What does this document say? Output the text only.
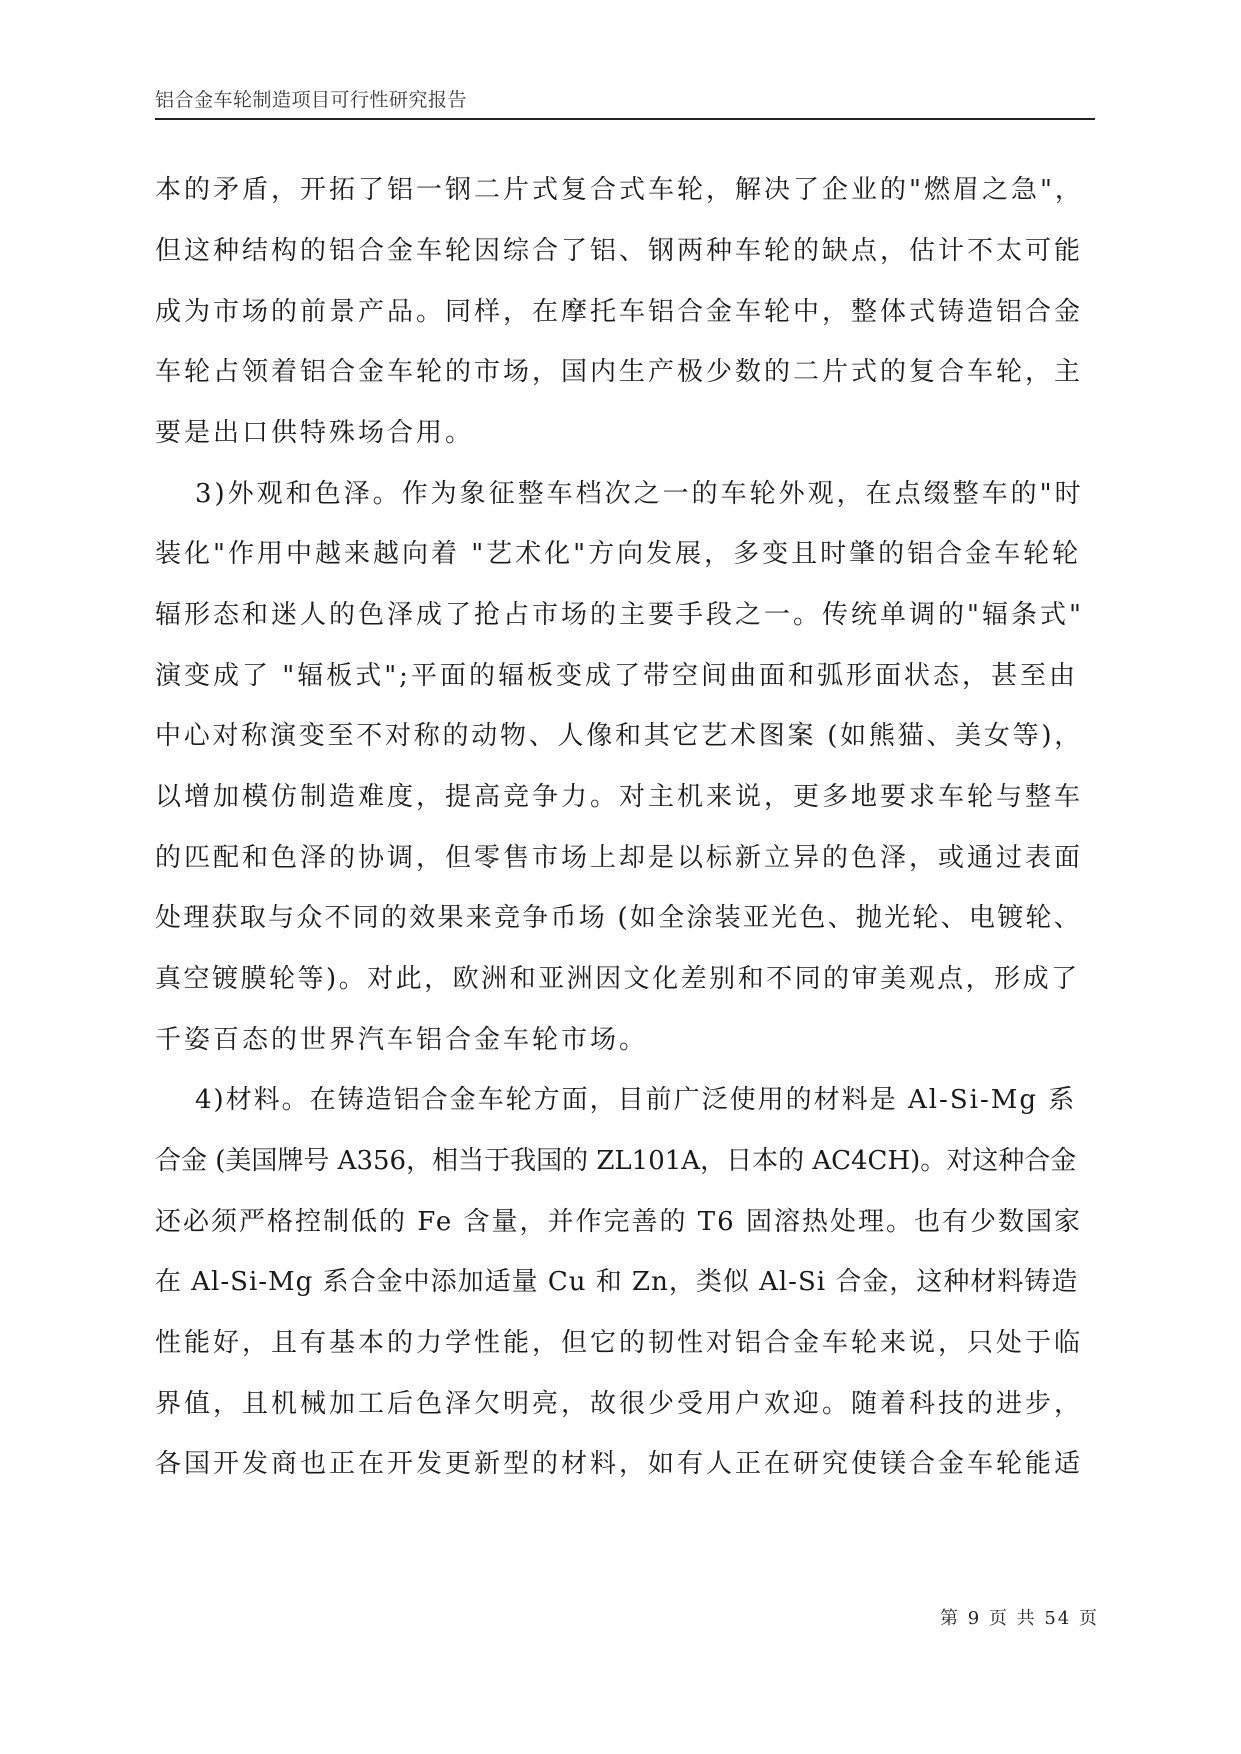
铝合金车轮制造项目可行性研究报告
本的矛盾，开拓了铝一钢二片式复合式车轮，解决了企业的"燃眉之急"，
但这种结构的铝合金车轮因综合了铝、钢两种车轮的缺点，估计不太可能
成为市场的前景产品。同样，在摩托车铝合金车轮中，整体式铸造铝合金
车轮占领着铝合金车轮的市场，国内生产极少数的二片式的复合车轮，主
要是出口供特殊场合用。
3)外观和色泽。作为象征整车档次之一的车轮外观，在点缀整车的"时
装化"作用中越来越向着 "艺术化"方向发展，多变且时肇的铝合金车轮轮
辐形态和迷人的色泽成了抢占市场的主要手段之一。传统单调的"辐条式"
演变成了 "辐板式";平面的辐板变成了带空间曲面和弧形面状态，甚至由
中心对称演变至不对称的动物、人像和其它艺术图案 (如熊猫、美女等)，
以增加模仿制造难度，提高竞争力。对主机来说，更多地要求车轮与整车
的匹配和色泽的协调，但零售市场上却是以标新立异的色泽，或通过表面
处理获取与众不同的效果来竞争币场 (如全涂装亚光色、抛光轮、电镀轮、
真空镀膜轮等)。对此，欧洲和亚洲因文化差别和不同的审美观点，形成了
千姿百态的世界汽车铝合金车轮市场。
4)材料。在铸造铝合金车轮方面，目前广泛使用的材料是 Al-Si-Mg 系
合金 (美国牌号 A356，相当于我国的 ZL101A，日本的 AC4CH)。对这种合金
还必须严格控制低的 Fe 含量，并作完善的 T6 固溶热处理。也有少数国家
在 Al-Si-Mg 系合金中添加适量 Cu 和 Zn，类似 Al-Si 合金，这种材料铸造
性能好，且有基本的力学性能，但它的韧性对铝合金车轮来说，只处于临
界值，且机械加工后色泽欠明亮，故很少受用户欢迎。随着科技的进步，
各国开发商也正在开发更新型的材料，如有人正在研究使镁合金车轮能适
第 9 页 共 54 页
